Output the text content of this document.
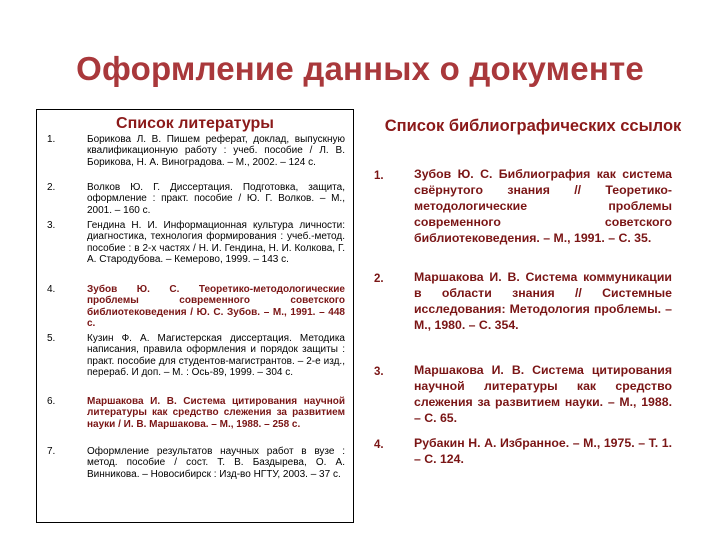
Оформление данных о документе
Список литературы
1.	Борикова Л. В. Пишем реферат, доклад, выпускную квалификационную работу : учеб. пособие / Л. В. Борикова, Н. А. Виноградова. – М., 2002. – 124 с.
2.	Волков Ю. Г. Диссертация. Подготовка, защита, оформление : практ. пособие / Ю. Г. Волков. – М., 2001. – 160 с.
3.	Гендина Н. И. Информационная культура личности: диагностика, технология формирования : учеб.-метод. пособие : в 2-х частях / Н. И. Гендина, Н. И. Колкова, Г. А. Стародубова. – Кемерово, 1999. – 143 с.
4.	Зубов Ю. С. Теоретико-методологические проблемы современного советского библиотековедения / Ю. С. Зубов. – М., 1991. – 448 с.
5.	Кузин Ф. А. Магистерская диссертация. Методика написания, правила оформления и порядок защиты : практ. пособие для студентов-магистрантов. – 2-е изд., перераб. И доп. – М. : Ось-89, 1999. – 304 с.
6.	Маршакова И. В. Система цитирования научной литературы как средство слежения за развитием науки / И. В. Маршакова. – М., 1988. – 258 с.
7.	Оформление результатов научных работ в вузе : метод. пособие / сост. Т. В. Баздырева, О. А. Винникова. – Новосибирск : Изд-во НГТУ, 2003. – 37 с.
Список библиографических ссылок
1. Зубов Ю. С. Библиография как система свёрнутого знания // Теоретико-методологические проблемы современного советского библиотековедения. – М., 1991. – С. 35.
2. Маршакова И. В. Система коммуникации в области знания // Системные исследования: Методология проблемы. – М., 1980. – С. 354.
3. Маршакова И. В. Система цитирования научной литературы как средство слежения за развитием науки. – М., 1988. – С. 65.
4. Рубакин Н. А. Избранное. – М., 1975. – Т. 1. – С. 124.
